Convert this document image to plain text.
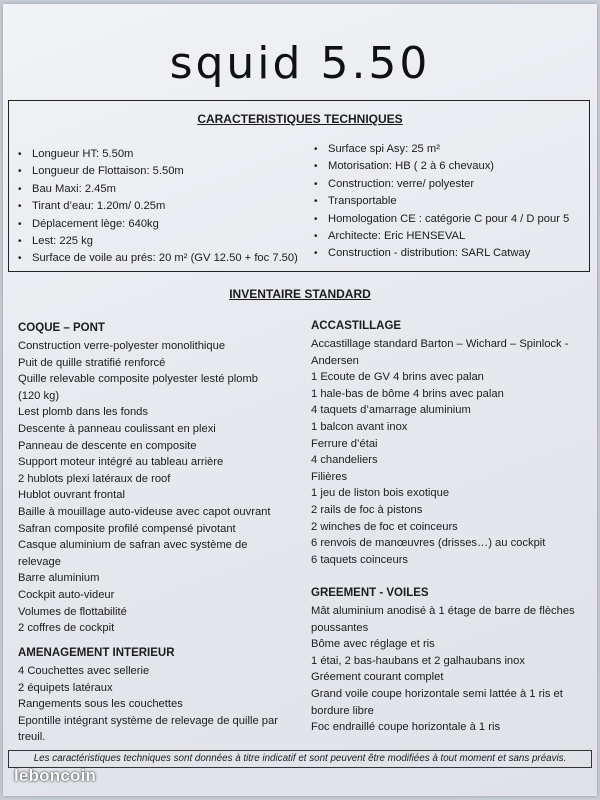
squid 5.50
CARACTERISTIQUES TECHNIQUES
• Longueur HT: 5.50m
• Longueur de Flottaison: 5.50m
• Bau Maxi: 2.45m
• Tirant d’eau: 1.20m/ 0.25m
• Déplacement lège: 640kg
• Lest: 225 kg
• Surface de voile au prés: 20 m² (GV 12.50 + foc 7.50)
• Surface spi Asy: 25 m²
• Motorisation: HB ( 2 à 6 chevaux)
• Construction: verre/ polyester
• Transportable
• Homologation CE : catégorie C pour 4 / D pour 5
• Architecte: Eric HENSEVAL
• Construction - distribution: SARL Catway
INVENTAIRE STANDARD
COQUE – PONT
Construction verre-polyester monolithique
Puit de quille stratifié renforcé
Quille relevable composite polyester lesté plomb
(120 kg)
Lest plomb dans les fonds
Descente à panneau coulissant en plexi
Panneau de descente en composite
Support moteur intégré au tableau arrière
2 hublots plexi latéraux de roof
Hublot ouvrant frontal
Baille à mouillage auto-videuse avec capot ouvrant
Safran composite profilé compensé pivotant
Casque aluminium de safran avec système de
relevage
Barre aluminium
Cockpit auto-videur
Volumes de flottabilité
2 coffres de cockpit
AMENAGEMENT INTERIEUR
4 Couchettes avec sellerie
2 équipets latéraux
Rangements sous les couchettes
Epontille intégrant système de relevage de quille par
treuil.
ACCASTILLAGE
Accastillage standard Barton – Wichard – Spinlock -
Andersen
1 Ecoute de GV 4 brins avec palan
1 hale-bas de bôme 4 brins avec palan
4 taquets d’amarrage aluminium
1 balcon avant inox
Ferrure d’étai
4 chandeliers
Filières
1 jeu de liston bois exotique
2 rails de foc à pistons
2 winches de foc et coinceurs
6 renvois de manœuvres (drisses…) au cockpit
6 taquets coinceurs
GREEMENT - VOILES
Mât aluminium anodisé à 1 étage de barre de flèches
poussantes
Bôme avec réglage et ris
1 étai, 2 bas-haubans et 2 galhaubans inox
Gréement courant complet
Grand voile coupe horizontale semi lattée à 1 ris et
bordure libre
Foc endraillé coupe horizontale à 1 ris
Les caractéristiques techniques sont données à titre indicatif et sont peuvent être modifiées à tout moment et sans préavis.
leboncoin
